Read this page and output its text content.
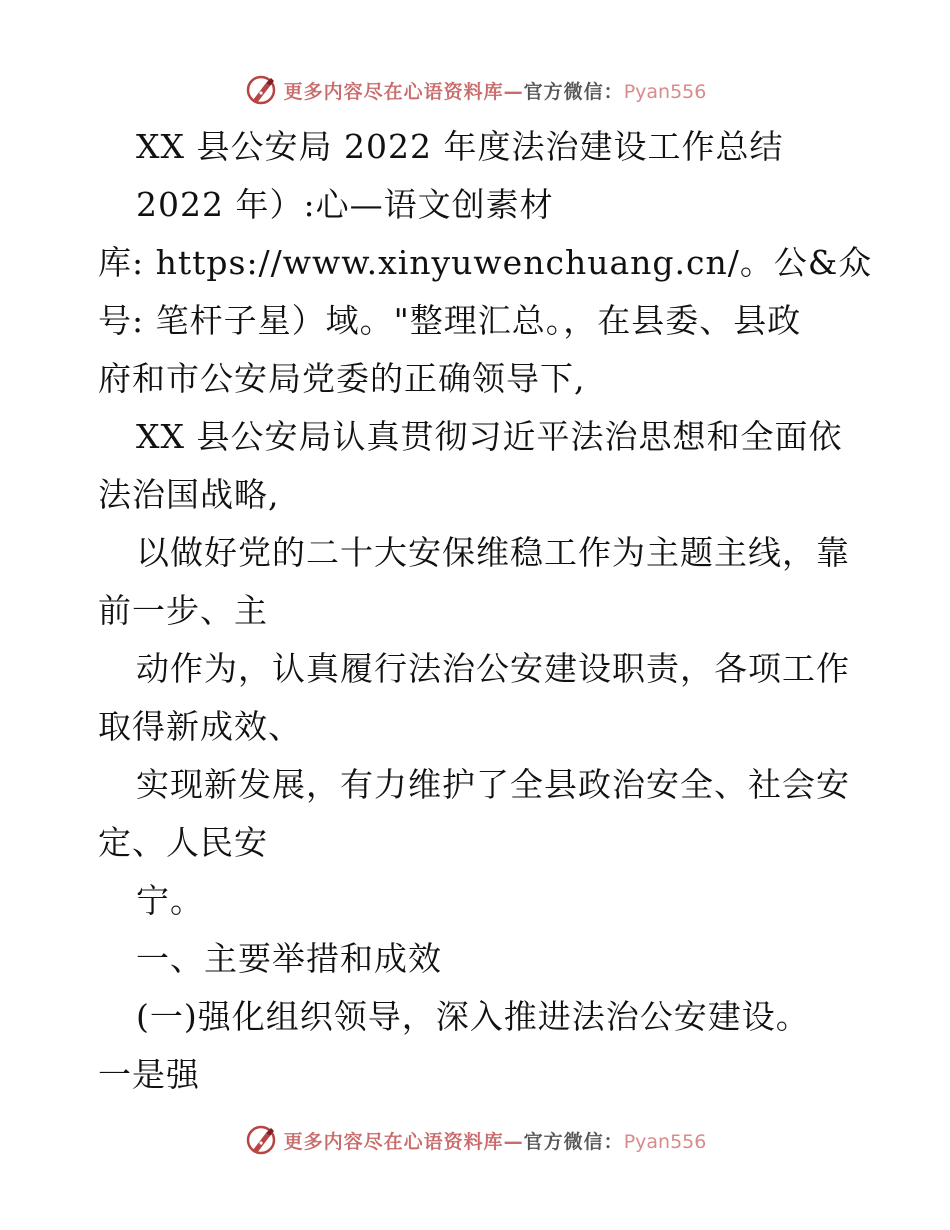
更多内容尽在心语资料库—官方微信：Pyan556
XX 县公安局 2022 年度法治建设工作总结
2022 年）:心—语文创素材
库: https://www.xinyuwenchuang.cn/。公&众
号: 笔杆子星）域。"整理汇总。，在县委、县政
府和市公安局党委的正确领导下,
XX 县公安局认真贯彻习近平法治思想和全面依
法治国战略,
以做好党的二十大安保维稳工作为主题主线，靠
前一步、主
动作为，认真履行法治公安建设职责，各项工作
取得新成效、
实现新发展，有力维护了全县政治安全、社会安
定、人民安
宁。
一、主要举措和成效
(一)强化组织领导，深入推进法治公安建设。
一是强
更多内容尽在心语资料库—官方微信：Pyan556
